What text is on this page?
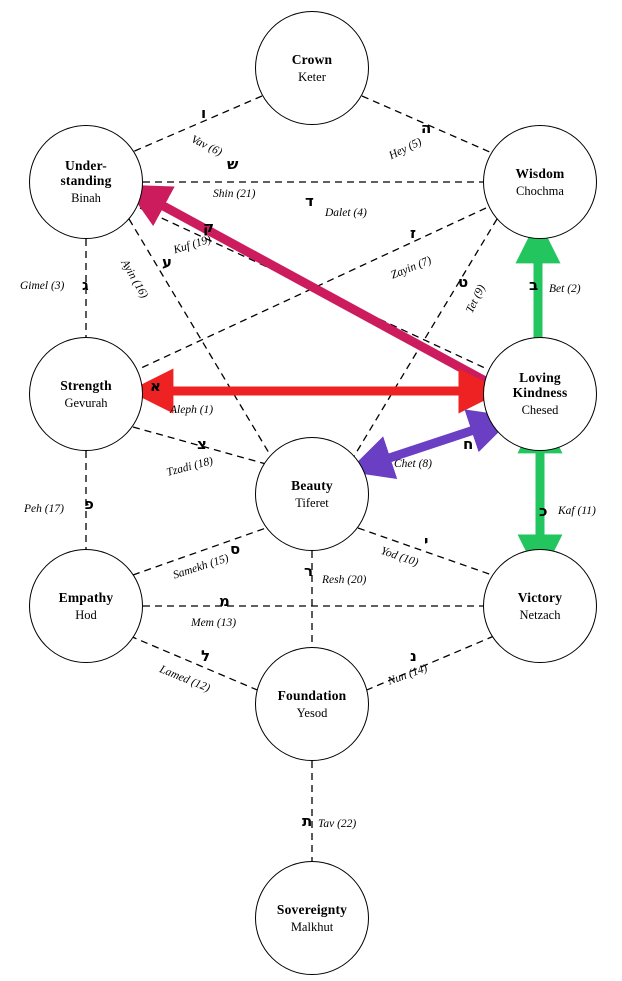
Crown
Keter
Under-
standing
Binah
Wisdom
Chochma
Strength
Gevurah
Loving
Kindness
Chesed
Beauty
Tiferet
Empathy
Hod
Victory
Netzach
Foundation
Yesod
Sovereignty
Malkhut
ו
ה
ש
ד
ג	ב
ז
ק
ע
ט
א
צ	ח
פ	כ
ס	י
ר
מ
ל	נ
ת
Vav (6)	Hey (5)
Shin (21)
Dalet (4)
Gimel (3)	Bet (2)
Zayin (7)
Kuf (19)
Ayin (16)	Tet (9)
Aleph (1)
Tzadi (18)	Chet (8)
Peh (17)	Kaf (11)
Samekh (15)	Yod (10)
Resh (20)
Mem (13)
Lamed (12)	Nun (14)
Tav (22)
